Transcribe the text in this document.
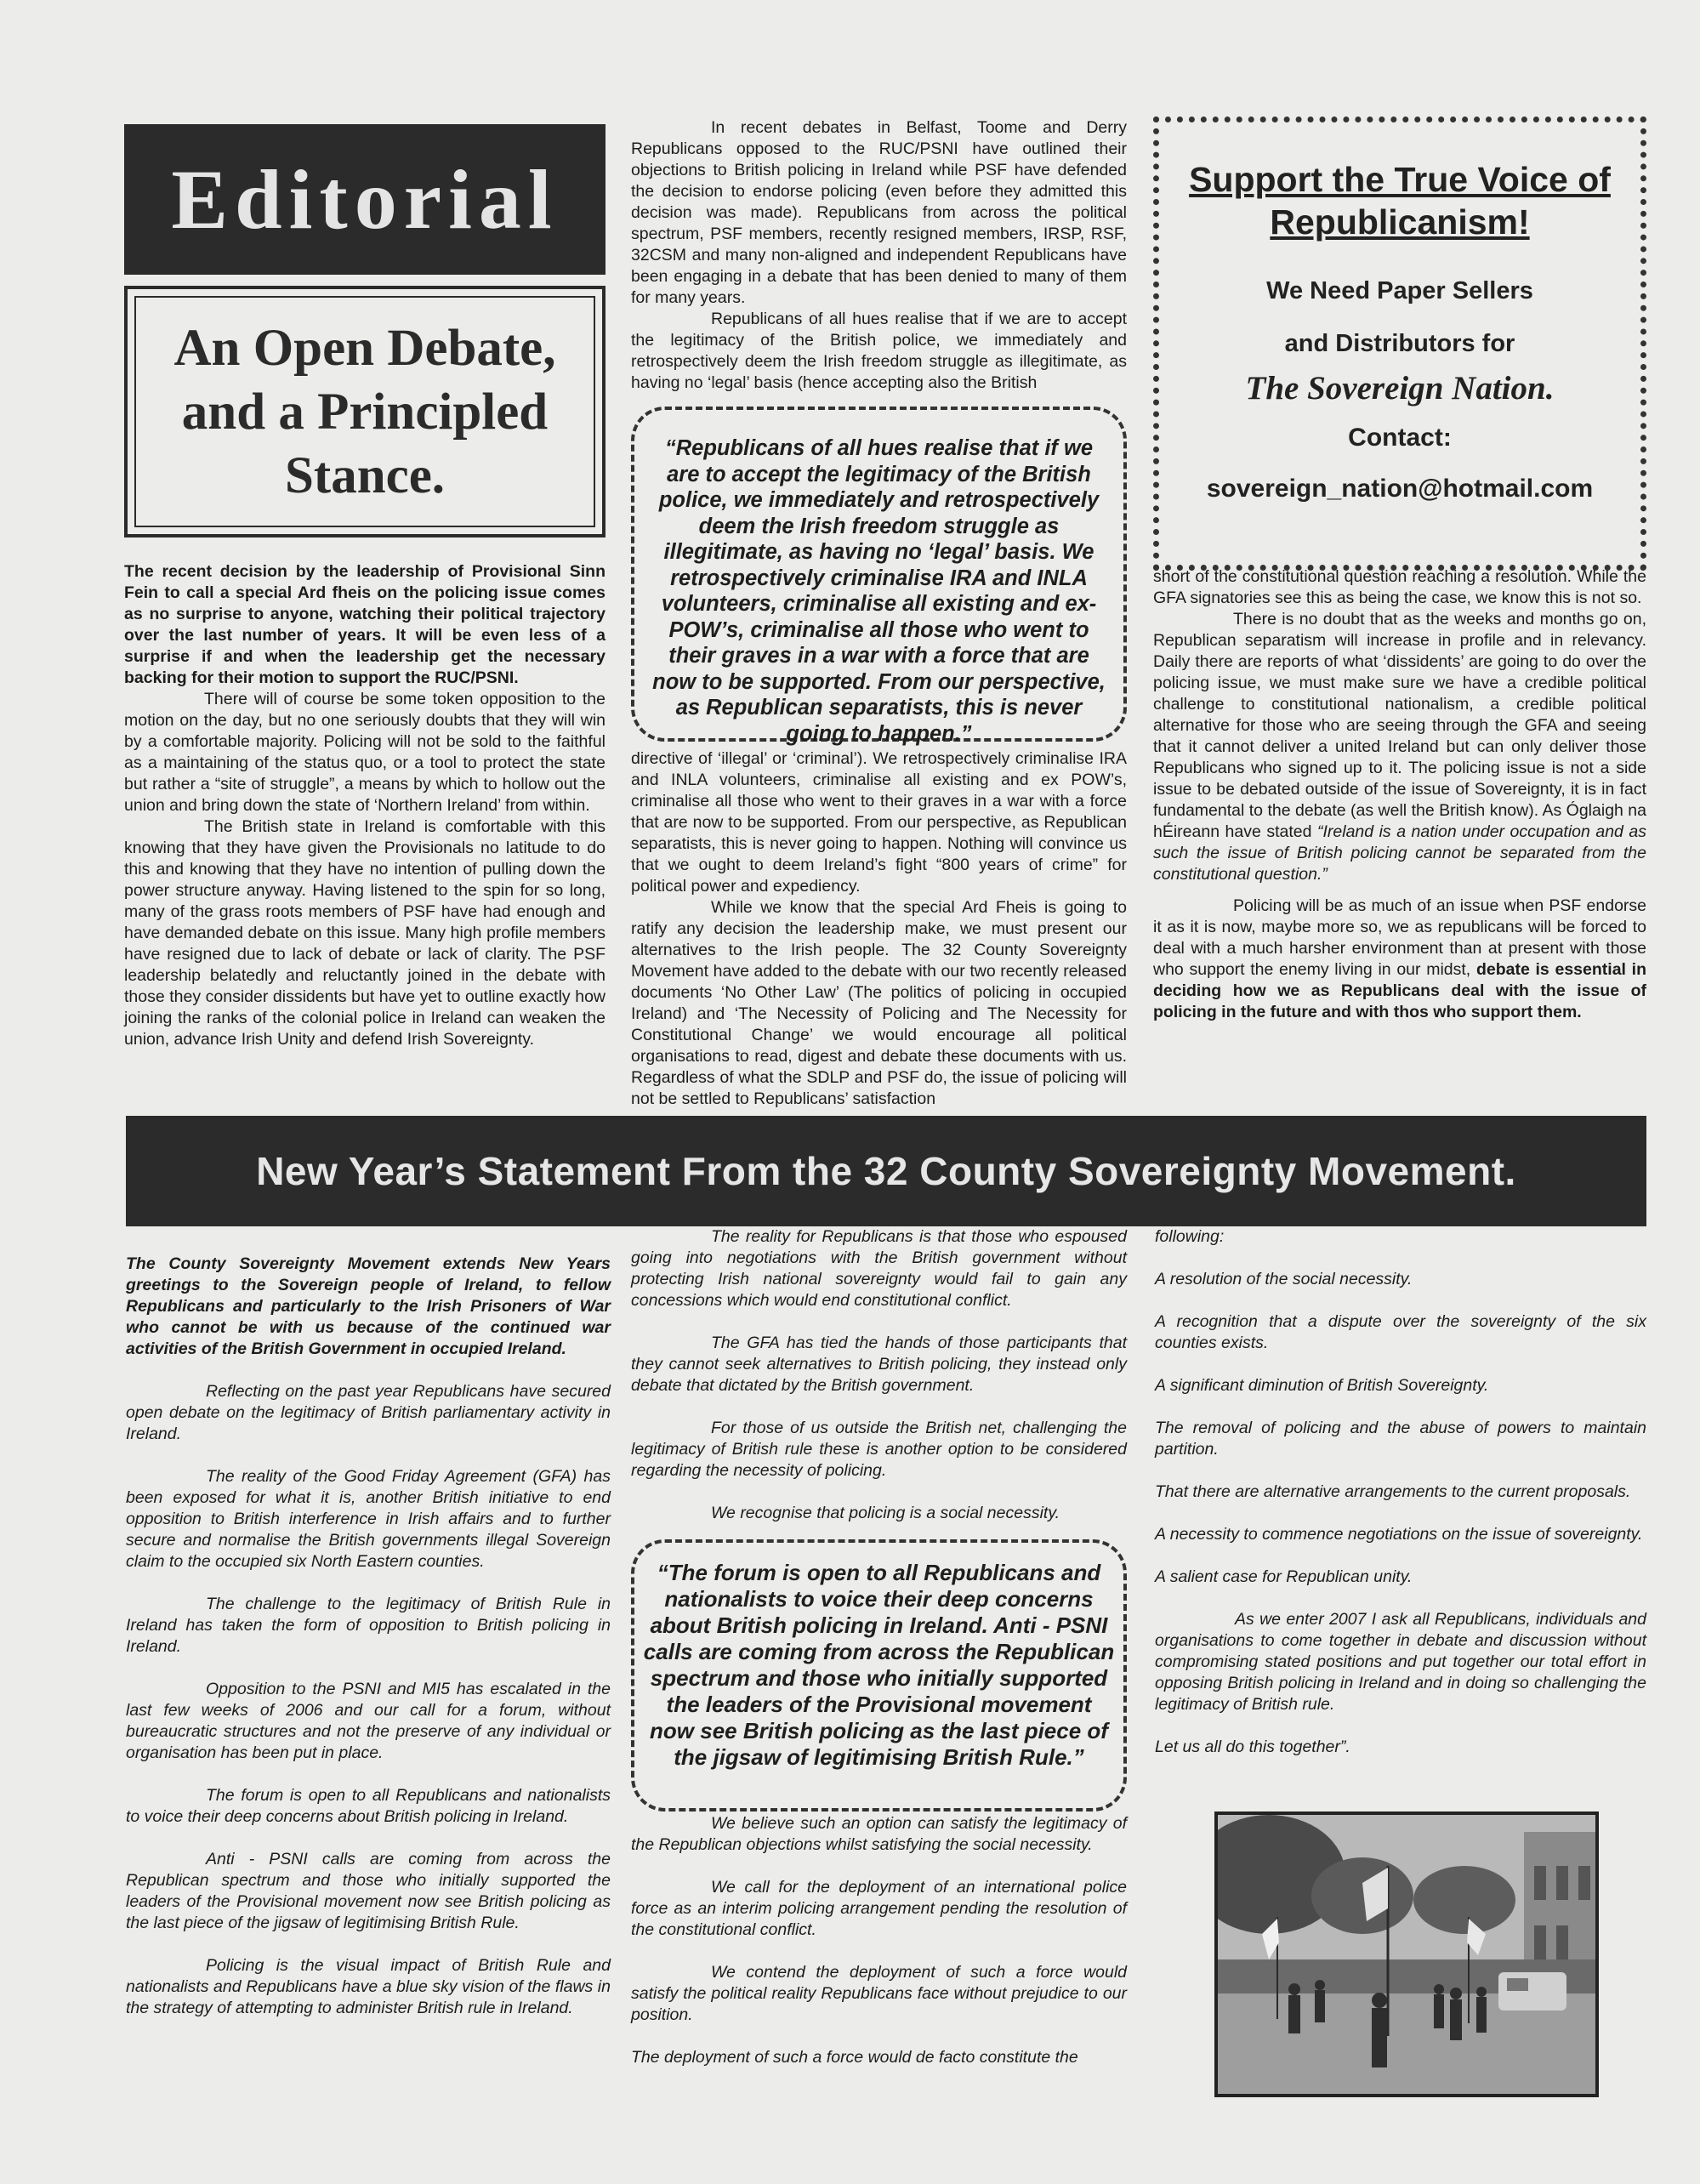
Editorial
An Open Debate, and a Principled Stance.

The recent decision by the leadership of Provisional Sinn Fein to call a special Ard fheis on the policing issue comes as no surprise to anyone, watching their political trajectory over the last number of years. It will be even less of a surprise if and when the leadership get the necessary backing for their motion to support the RUC/PSNI.

There will of course be some token opposition to the motion on the day, but no one seriously doubts that they will win by a comfortable majority. Policing will not be sold to the faithful as a maintaining of the status quo, or a tool to protect the state but rather a “site of struggle”, a means by which to hollow out the union and bring down the state of ‘Northern Ireland’ from within.

The British state in Ireland is comfortable with this knowing that they have given the Provisionals no latitude to do this and knowing that they have no intention of pulling down the power structure anyway. Having listened to the spin for so long, many of the grass roots members of PSF have had enough and have demanded debate on this issue. Many high profile members have resigned due to lack of debate or lack of clarity. The PSF leadership belatedly and reluctantly joined in the debate with those they consider dissidents but have yet to outline exactly how joining the ranks of the colonial police in Ireland can weaken the union, advance Irish Unity and defend Irish Sovereignty.

In recent debates in Belfast, Toome and Derry Republicans opposed to the RUC/PSNI have outlined their objections to British policing in Ireland while PSF have defended the decision to endorse policing (even before they admitted this decision was made). Republicans from across the political spectrum, PSF members, recently resigned members, IRSP, RSF, 32CSM and many non-aligned and independent Republicans have been engaging in a debate that has been denied to many of them for many years.

Republicans of all hues realise that if we are to accept the legitimacy of the British police, we immediately and retrospectively deem the Irish freedom struggle as illegitimate, as having no ‘legal’ basis (hence accepting also the British

“Republicans of all hues realise that if we are to accept the legitimacy of the British police, we immediately and retrospectively deem the Irish freedom struggle as illegitimate, as having no ‘legal’ basis. We retrospectively criminalise IRA and INLA volunteers, criminalise all existing and ex-POW’s, criminalise all those who went to their graves in a war with a force that are now to be supported. From our perspective, as Republican separatists, this is never going to happen.”

directive of ‘illegal’ or ‘criminal’). We retrospectively criminalise IRA and INLA volunteers, criminalise all existing and ex POW’s, criminalise all those who went to their graves in a war with a force that are now to be supported. From our perspective, as Republican separatists, this is never going to happen. Nothing will convince us that we ought to deem Ireland’s fight “800 years of crime” for political power and expediency.

While we know that the special Ard Fheis is going to ratify any decision the leadership make, we must present our alternatives to the Irish people. The 32 County Sovereignty Movement have added to the debate with our two recently released documents ‘No Other Law’ (The politics of policing in occupied Ireland) and ‘The Necessity of Policing and The Necessity for Constitutional Change’ we would encourage all political organisations to read, digest and debate these documents with us. Regardless of what the SDLP and PSF do, the issue of policing will not be settled to Republicans’ satisfaction

Support the True Voice of Republicanism!
We Need Paper Sellers
and Distributors for
The Sovereign Nation.
Contact:
sovereign_nation@hotmail.com

short of the constitutional question reaching a resolution. While the GFA signatories see this as being the case, we know this is not so.

There is no doubt that as the weeks and months go on, Republican separatism will increase in profile and in relevancy. Daily there are reports of what ‘dissidents’ are going to do over the policing issue, we must make sure we have a credible political challenge to constitutional nationalism, a credible political alternative for those who are seeing through the GFA and seeing that it cannot deliver a united Ireland but can only deliver those Republicans who signed up to it. The policing issue is not a side issue to be debated outside of the issue of Sovereignty, it is in fact fundamental to the debate (as well the British know). As Óglaigh na hÉireann have stated “Ireland is a nation under occupation and as such the issue of British policing cannot be separated from the constitutional question.”

Policing will be as much of an issue when PSF endorse it as it is now, maybe more so, we as republicans will be forced to deal with a much harsher environment than at present with those who support the enemy living in our midst, debate is essential in deciding how we as Republicans deal with the issue of policing in the future and with thos who support them.

New Year’s Statement From the 32 County Sovereignty Movement.

The County Sovereignty Movement extends New Years greetings to the Sovereign people of Ireland, to fellow Republicans and particularly to the Irish Prisoners of War who cannot be with us because of the continued war activities of the British Government in occupied Ireland.

Reflecting on the past year Republicans have secured open debate on the legitimacy of British parliamentary activity in Ireland.

The reality of the Good Friday Agreement (GFA) has been exposed for what it is, another British initiative to end opposition to British interference in Irish affairs and to further secure and normalise the British governments illegal Sovereign claim to the occupied six North Eastern counties.

The challenge to the legitimacy of British Rule in Ireland has taken the form of opposition to British policing in Ireland.

Opposition to the PSNI and MI5 has escalated in the last few weeks of 2006 and our call for a forum, without bureaucratic structures and not the preserve of any individual or organisation has been put in place.

The forum is open to all Republicans and nationalists to voice their deep concerns about British policing in Ireland.

Anti - PSNI calls are coming from across the Republican spectrum and those who initially supported the leaders of the Provisional movement now see British policing as the last piece of the jigsaw of legitimising British Rule.

Policing is the visual impact of British Rule and nationalists and Republicans have a blue sky vision of the flaws in the strategy of attempting to administer British rule in Ireland.

The reality for Republicans is that those who espoused going into negotiations with the British government without protecting Irish national sovereignty would fail to gain any concessions which would end constitutional conflict.

The GFA has tied the hands of those participants that they cannot seek alternatives to British policing, they instead only debate that dictated by the British government.

For those of us outside the British net, challenging the legitimacy of British rule these is another option to be considered regarding the necessity of policing.

We recognise that policing is a social necessity.

“The forum is open to all Republicans and nationalists to voice their deep concerns about British policing in Ireland. Anti - PSNI calls are coming from across the Republican spectrum and those who initially supported the leaders of the Provisional movement now see British policing as the last piece of the jigsaw of legitimising British Rule.”

We believe such an option can satisfy the legitimacy of the Republican objections whilst satisfying the social necessity.

We call for the deployment of an international police force as an interim policing arrangement pending the resolution of the constitutional conflict.

We contend the deployment of such a force would satisfy the political reality Republicans face without prejudice to our position.

The deployment of such a force would de facto constitute the

following:

A resolution of the social necessity.

A recognition that a dispute over the sovereignty of the six counties exists.

A significant diminution of British Sovereignty.

The removal of policing and the abuse of powers to maintain partition.

That there are alternative arrangements to the current proposals.

A necessity to commence negotiations on the issue of sovereignty.

A salient case for Republican unity.

As we enter 2007 I ask all Republicans, individuals and organisations to come together in debate and discussion without compromising stated positions and put together our total effort in opposing British policing in Ireland and in doing so challenging the legitimacy of British rule.

Let us all do this together”.
